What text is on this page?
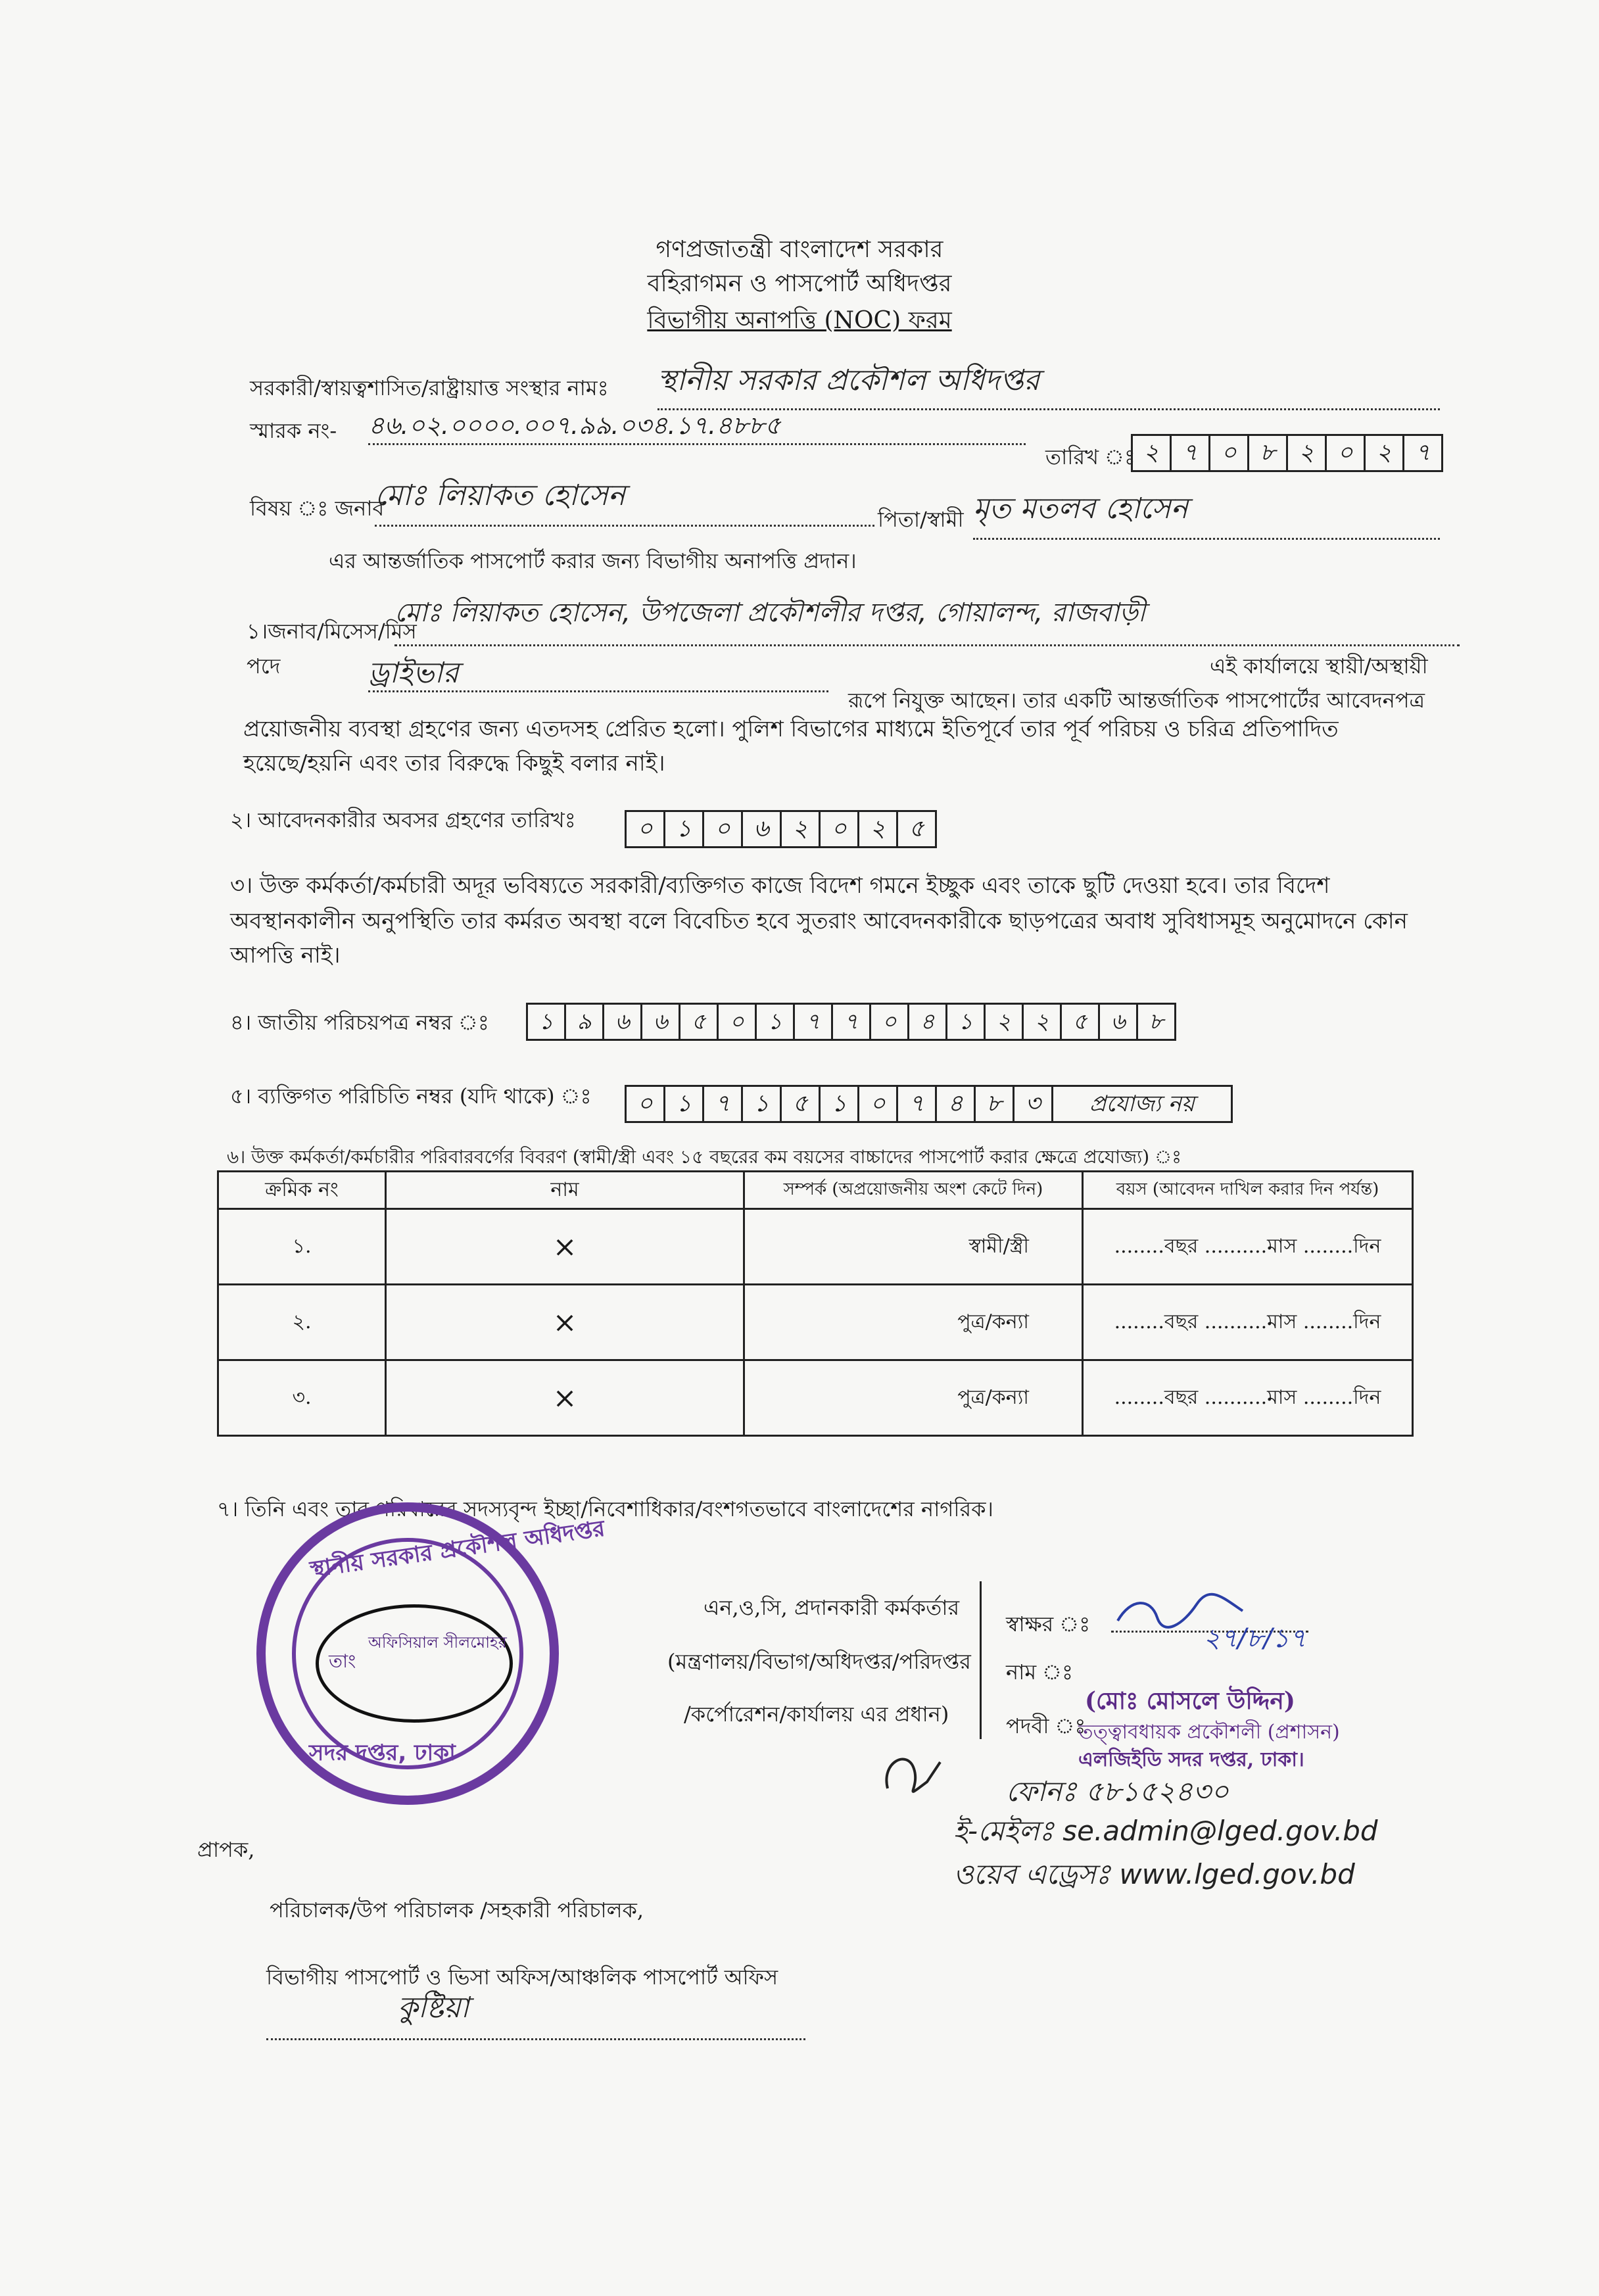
গণপ্রজাতন্ত্রী বাংলাদেশ সরকার
বহিরাগমন ও পাসপোর্ট অধিদপ্তর
বিভাগীয় অনাপত্তি (NOC) ফরম
সরকারী/স্বায়ত্বশাসিত/রাষ্ট্রায়াত্ত সংস্থার নামঃ স্থানীয় সরকার প্রকৌশল অধিদপ্তর
স্মারক নং- ৪৬.০২.০০০০.০০৭.৯৯.০৩৪.১৭.৪৮৮৫
তারিখ ঃ ২ ৭ ০ ৮ ২ ০ ২ ৭
বিষয় ঃ জনাব
মোঃ লিয়াকত হোসেন
পিতা/স্বামী মৃত মতলব হোসেন
এর আন্তর্জাতিক পাসপোর্ট করার জন্য বিভাগীয় অনাপত্তি প্রদান।
১।জনাব/মিসেস/মিস
মোঃ লিয়াকত হোসেন, উপজেলা প্রকৌশলীর দপ্তর, গোয়ালন্দ, রাজবাড়ী
এই কার্যালয়ে স্থায়ী/অস্থায়ী
পদে	ড্রাইভার
রূপে নিযুক্ত আছেন। তার একটি আন্তর্জাতিক পাসপোর্টের আবেদনপত্র
প্রয়োজনীয় ব্যবস্থা গ্রহণের জন্য এতদসহ প্রেরিত হলো। পুলিশ বিভাগের মাধ্যমে ইতিপূর্বে তার পূর্ব পরিচয় ও চরিত্র প্রতিপাদিত
হয়েছে/হয়নি এবং তার বিরুদ্ধে কিছুই বলার নাই।
২। আবেদনকারীর অবসর গ্রহণের তারিখঃ	০ ১ ০ ৬ ২ ০ ২ ৫
৩। উক্ত কর্মকর্তা/কর্মচারী অদূর ভবিষ্যতে সরকারী/ব্যক্তিগত কাজে বিদেশ গমনে ইচ্ছুক এবং তাকে ছুটি দেওয়া হবে। তার বিদেশ
অবস্থানকালীন অনুপস্থিতি তার কর্মরত অবস্থা বলে বিবেচিত হবে সুতরাং আবেদনকারীকে ছাড়পত্রের অবাধ সুবিধাসমূহ অনুমোদনে কোন
আপত্তি নাই।
৪। জাতীয় পরিচয়পত্র নম্বর ঃ	১	৯	৬	৬	৫	০	১	৭	৭	০	৪	১	২	২	৫	৬	৮
৫। ব্যক্তিগত পরিচিতি নম্বর (যদি থাকে) ঃ	০ ১ ৭ ১ ৫ ১ ০ ৭ ৪ ৮ ৩	প্রযোজ্য নয়
৬। উক্ত কর্মকর্তা/কর্মচারীর পরিবারবর্গের বিবরণ (স্বামী/স্ত্রী এবং ১৫ বছরের কম বয়সের বাচ্চাদের পাসপোর্ট করার ক্ষেত্রে প্রযোজ্য) ঃ
ক্রমিক নং	নাম	সম্পর্ক (অপ্রয়োজনীয় অংশ কেটে দিন)	বয়স (আবেদন দাখিল করার দিন পর্যন্ত)
১.	×	স্বামী/স্ত্রী	........বছর ..........মাস ........দিন
২.	×	পুত্র/কন্যা	........বছর ..........মাস ........দিন
৩.	×	পুত্র/কন্যা	........বছর ..........মাস ........দিন
৭। তিনি এবং তার পরিবারের সদস্যবৃন্দ ইচ্ছা/নিবেশাধিকার/বংশগতভাবে বাংলাদেশের নাগরিক।
স্থানীয় সরকার প্রকৌশল অধিদপ্তর
সদর দপ্তর, ঢাকা
অফিসিয়াল সীলমোহর
তাং
এন,ও,সি, প্রদানকারী কর্মকর্তার
(মন্ত্রণালয়/বিভাগ/অধিদপ্তর/পরিদপ্তর
/কর্পোরেশন/কার্যালয় এর প্রধান)
স্বাক্ষর ঃ	২৭/৮/১৭
নাম ঃ
(মোঃ মোসলে উদ্দিন)
পদবী ঃ
তত্ত্বাবধায়ক প্রকৌশলী (প্রশাসন)
এলজিইডি সদর দপ্তর, ঢাকা।
ফোনঃ ৫৮১৫২৪৩০
ই-মেইলঃ se.admin@lged.gov.bd
ওয়েব এড্রেসঃ www.lged.gov.bd
প্রাপক,
পরিচালক/উপ পরিচালক /সহকারী পরিচালক,
বিভাগীয় পাসপোর্ট ও ভিসা অফিস/আঞ্চলিক পাসপোর্ট অফিস
কুষ্টিয়া
